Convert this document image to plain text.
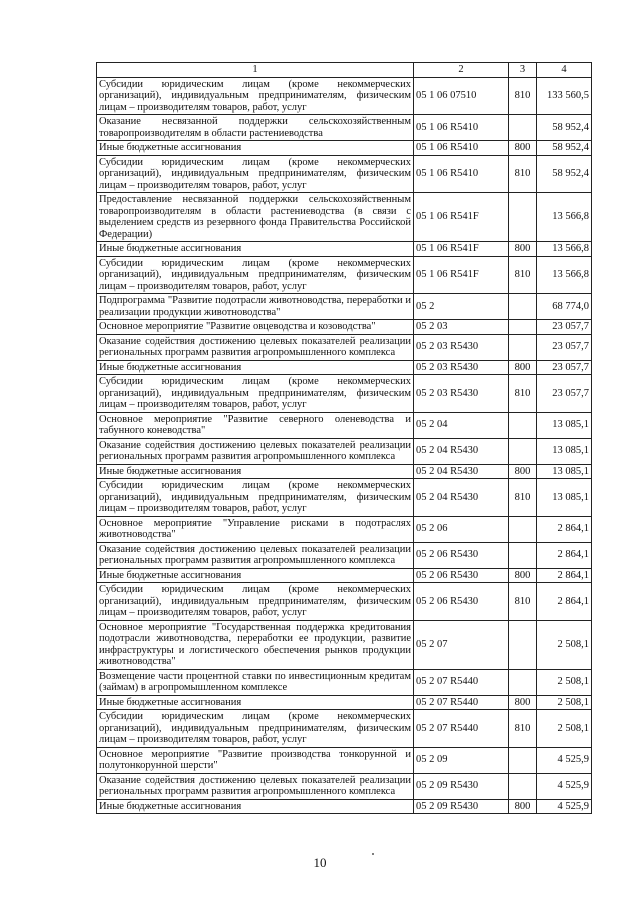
1	2	3	4
Субсидии юридическим лицам (кроме некоммерческих организаций), индивидуальным предпринимателям, физическим лицам – производителям товаров, работ, услуг	05 1 06 07510	810	133 560,5
Оказание несвязанной поддержки сельскохозяйственным товаропроизводителям в области растениеводства	05 1 06 R5410		58 952,4
Иные бюджетные ассигнования	05 1 06 R5410	800	58 952,4
Субсидии юридическим лицам (кроме некоммерческих организаций), индивидуальным предпринимателям, физическим лицам – производителям товаров, работ, услуг	05 1 06 R5410	810	58 952,4
Предоставление несвязанной поддержки сельскохозяйственным товаропроизводителям в области растениеводства (в связи с выделением средств из резервного фонда Правительства Российской Федерации)	05 1 06 R541F		13 566,8
Иные бюджетные ассигнования	05 1 06 R541F	800	13 566,8
Субсидии юридическим лицам (кроме некоммерческих организаций), индивидуальным предпринимателям, физическим лицам – производителям товаров, работ, услуг	05 1 06 R541F	810	13 566,8
Подпрограмма "Развитие подотрасли животноводства, переработки и реализации продукции животноводства"	05 2		68 774,0
Основное мероприятие "Развитие овцеводства и козоводства"	05 2 03		23 057,7
Оказание содействия достижению целевых показателей реализации региональных программ развития агропромышленного комплекса	05 2 03 R5430		23 057,7
Иные бюджетные ассигнования	05 2 03 R5430	800	23 057,7
Субсидии юридическим лицам (кроме некоммерческих организаций), индивидуальным предпринимателям, физическим лицам – производителям товаров, работ, услуг	05 2 03 R5430	810	23 057,7
Основное мероприятие "Развитие северного оленеводства и табунного коневодства"	05 2 04		13 085,1
Оказание содействия достижению целевых показателей реализации региональных программ развития агропромышленного комплекса	05 2 04 R5430		13 085,1
Иные бюджетные ассигнования	05 2 04 R5430	800	13 085,1
Субсидии юридическим лицам (кроме некоммерческих организаций), индивидуальным предпринимателям, физическим лицам – производителям товаров, работ, услуг	05 2 04 R5430	810	13 085,1
Основное мероприятие "Управление рисками в подотраслях животноводства"	05 2 06		2 864,1
Оказание содействия достижению целевых показателей реализации региональных программ развития агропромышленного комплекса	05 2 06 R5430		2 864,1
Иные бюджетные ассигнования	05 2 06 R5430	800	2 864,1
Субсидии юридическим лицам (кроме некоммерческих организаций), индивидуальным предпринимателям, физическим лицам – производителям товаров, работ, услуг	05 2 06 R5430	810	2 864,1
Основное мероприятие "Государственная поддержка кредитования подотрасли животноводства, переработки ее продукции, развитие инфраструктуры и логистического обеспечения рынков продукции животноводства"	05 2 07		2 508,1
Возмещение части процентной ставки по инвестиционным кредитам (займам) в агропромышленном комплексе	05 2 07 R5440		2 508,1
Иные бюджетные ассигнования	05 2 07 R5440	800	2 508,1
Субсидии юридическим лицам (кроме некоммерческих организаций), индивидуальным предпринимателям, физическим лицам – производителям товаров, работ, услуг	05 2 07 R5440	810	2 508,1
Основное мероприятие "Развитие производства тонкорунной и полутонкорунной шерсти"	05 2 09		4 525,9
Оказание содействия достижению целевых показателей реализации региональных программ развития агропромышленного комплекса	05 2 09 R5430		4 525,9
Иные бюджетные ассигнования	05 2 09 R5430	800	4 525,9
10
